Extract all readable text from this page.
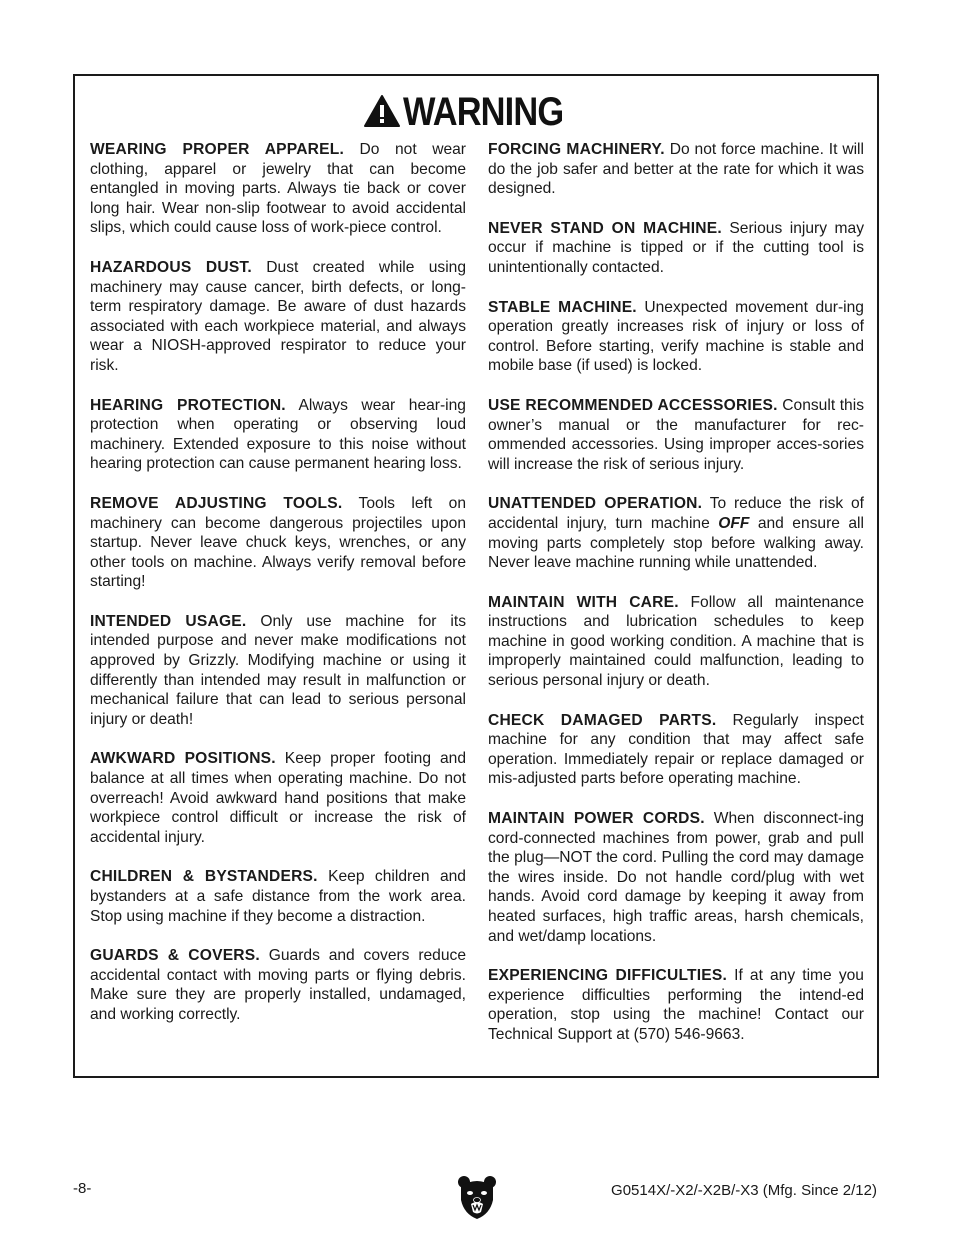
WARNING

WEARING PROPER APPAREL. Do not wear clothing, apparel or jewelry that can become entangled in moving parts. Always tie back or cover long hair. Wear non-slip footwear to avoid accidental slips, which could cause loss of work-piece control.

HAZARDOUS DUST. Dust created while using machinery may cause cancer, birth defects, or long-term respiratory damage. Be aware of dust hazards associated with each workpiece material, and always wear a NIOSH-approved respirator to reduce your risk.

HEARING PROTECTION. Always wear hear-ing protection when operating or observing loud machinery. Extended exposure to this noise without hearing protection can cause permanent hearing loss.

REMOVE ADJUSTING TOOLS. Tools left on machinery can become dangerous projectiles upon startup. Never leave chuck keys, wrenches, or any other tools on machine. Always verify removal before starting!

INTENDED USAGE. Only use machine for its intended purpose and never make modifications not approved by Grizzly. Modifying machine or using it differently than intended may result in malfunction or mechanical failure that can lead to serious personal injury or death!

AWKWARD POSITIONS. Keep proper footing and balance at all times when operating machine. Do not overreach! Avoid awkward hand positions that make workpiece control difficult or increase the risk of accidental injury.

CHILDREN & BYSTANDERS. Keep children and bystanders at a safe distance from the work area. Stop using machine if they become a distraction.

GUARDS & COVERS. Guards and covers reduce accidental contact with moving parts or flying debris. Make sure they are properly installed, undamaged, and working correctly.

FORCING MACHINERY. Do not force machine. It will do the job safer and better at the rate for which it was designed.

NEVER STAND ON MACHINE. Serious injury may occur if machine is tipped or if the cutting tool is unintentionally contacted.

STABLE MACHINE. Unexpected movement dur-ing operation greatly increases risk of injury or loss of control. Before starting, verify machine is stable and mobile base (if used) is locked.

USE RECOMMENDED ACCESSORIES. Consult this owner’s manual or the manufacturer for rec-ommended accessories. Using improper acces-sories will increase the risk of serious injury.

UNATTENDED OPERATION. To reduce the risk of accidental injury, turn machine OFF and ensure all moving parts completely stop before walking away. Never leave machine running while unattended.

MAINTAIN WITH CARE. Follow all maintenance instructions and lubrication schedules to keep machine in good working condition. A machine that is improperly maintained could malfunction, leading to serious personal injury or death.

CHECK DAMAGED PARTS. Regularly inspect machine for any condition that may affect safe operation. Immediately repair or replace damaged or mis-adjusted parts before operating machine.

MAINTAIN POWER CORDS. When disconnect-ing cord-connected machines from power, grab and pull the plug—NOT the cord. Pulling the cord may damage the wires inside. Do not handle cord/plug with wet hands. Avoid cord damage by keeping it away from heated surfaces, high traffic areas, harsh chemicals, and wet/damp locations.

EXPERIENCING DIFFICULTIES. If at any time you experience difficulties performing the intend-ed operation, stop using the machine! Contact our Technical Support at (570) 546-9663.

-8-	G0514X/-X2/-X2B/-X3 (Mfg. Since 2/12)
